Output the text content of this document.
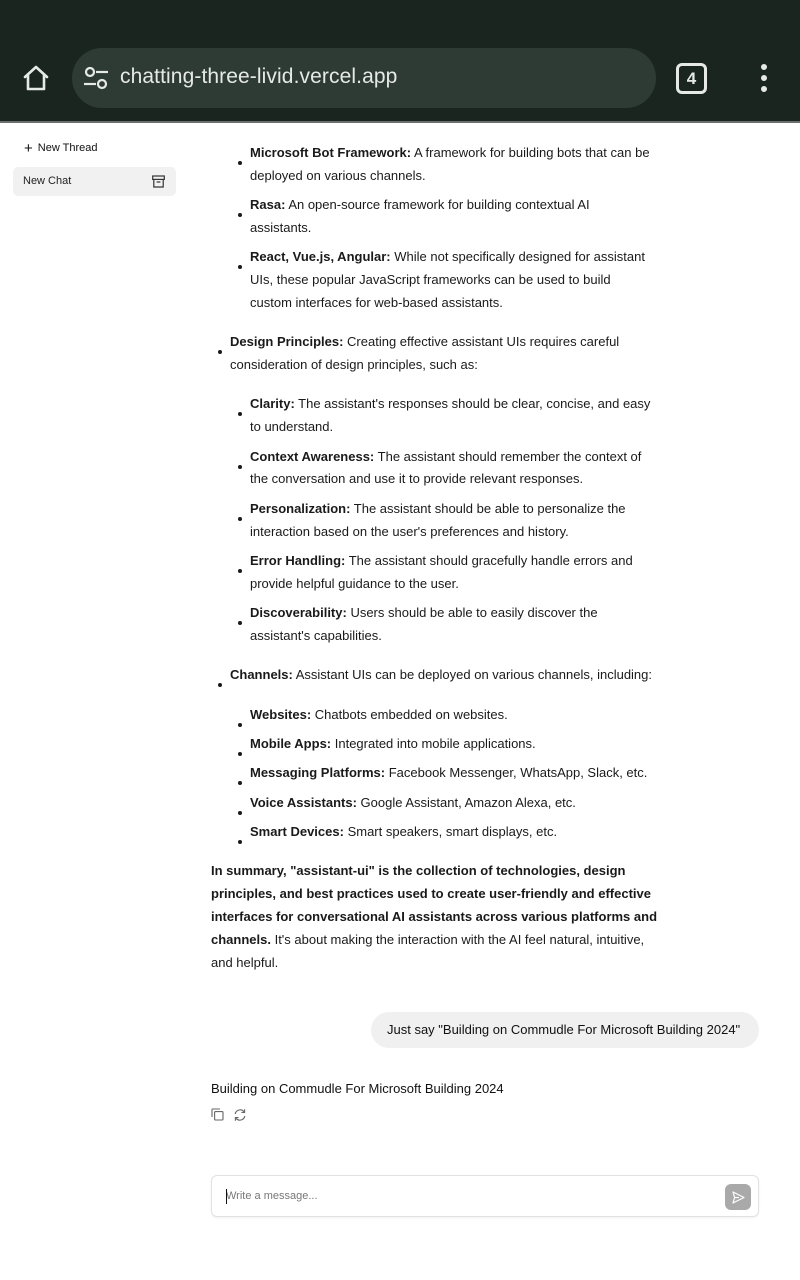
chatting-three-livid.vercel.app	4
+ New Thread
New Chat
Microsoft Bot Framework: A framework for building bots that can be
deployed on various channels.
Rasa: An open-source framework for building contextual AI
assistants.
React, Vue.js, Angular: While not specifically designed for assistant
UIs, these popular JavaScript frameworks can be used to build
custom interfaces for web-based assistants.
Design Principles: Creating effective assistant UIs requires careful
consideration of design principles, such as:
Clarity: The assistant's responses should be clear, concise, and easy
to understand.
Context Awareness: The assistant should remember the context of
the conversation and use it to provide relevant responses.
Personalization: The assistant should be able to personalize the
interaction based on the user's preferences and history.
Error Handling: The assistant should gracefully handle errors and
provide helpful guidance to the user.
Discoverability: Users should be able to easily discover the
assistant's capabilities.
Channels: Assistant UIs can be deployed on various channels, including:
Websites: Chatbots embedded on websites.
Mobile Apps: Integrated into mobile applications.
Messaging Platforms: Facebook Messenger, WhatsApp, Slack, etc.
Voice Assistants: Google Assistant, Amazon Alexa, etc.
Smart Devices: Smart speakers, smart displays, etc.
In summary, "assistant-ui" is the collection of technologies, design
principles, and best practices used to create user-friendly and effective
interfaces for conversational AI assistants across various platforms and
channels. It's about making the interaction with the AI feel natural, intuitive,
and helpful.
Just say "Building on Commudle For Microsoft Building 2024"
Building on Commudle For Microsoft Building 2024
Write a message...
